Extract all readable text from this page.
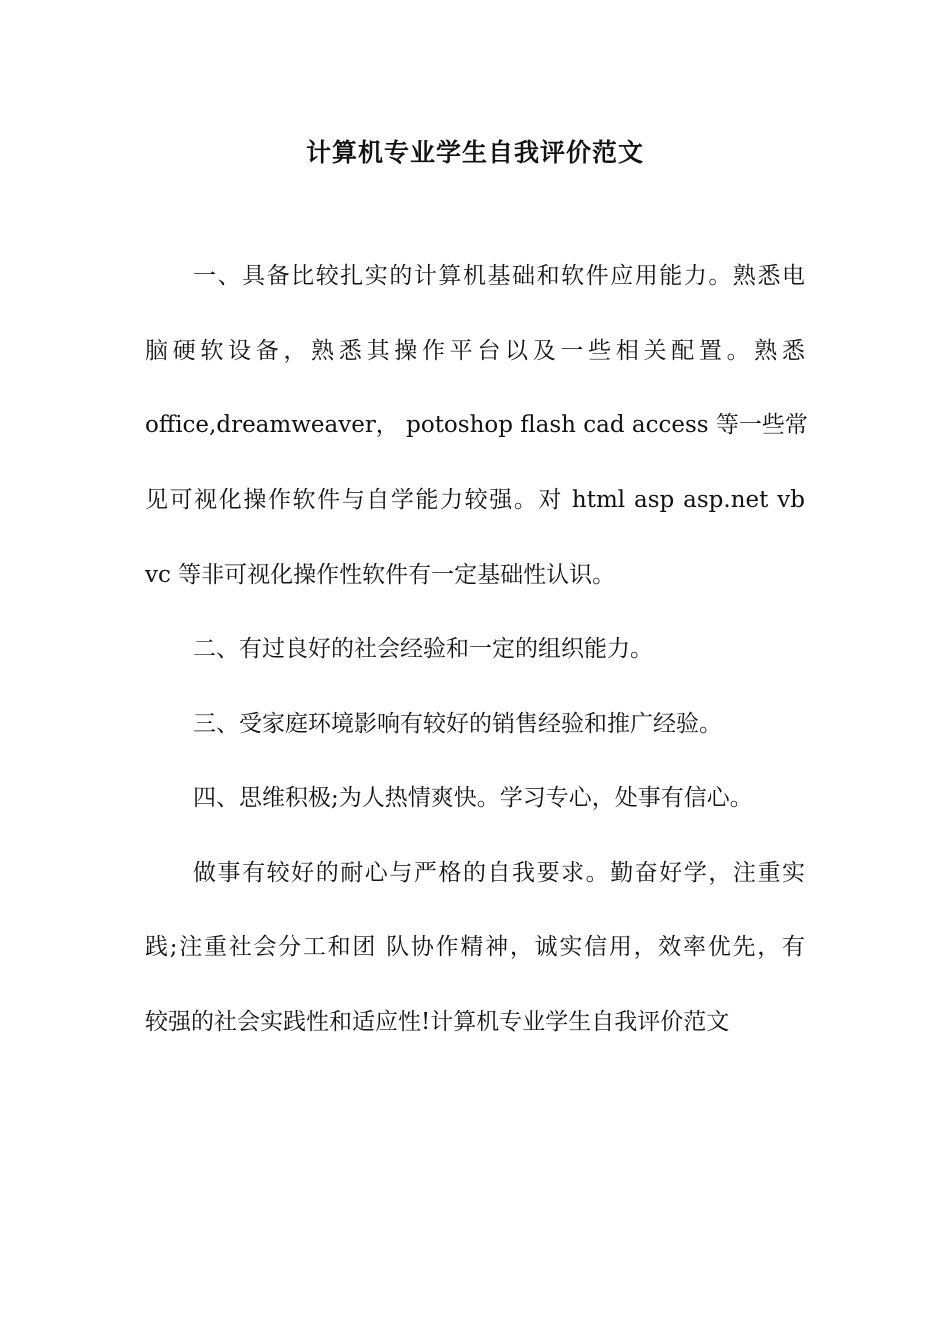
计算机专业学生自我评价范文
一、具备比较扎实的计算机基础和软件应用能力。熟悉电
脑硬软设备，熟悉其操作平台以及一些相关配置。熟悉
office,dreamweaver， potoshop flash cad access 等一些常
见可视化操作软件与自学能力较强。对 html asp asp.net vb
vc 等非可视化操作性软件有一定基础性认识。
二、有过良好的社会经验和一定的组织能力。
三、受家庭环境影响有较好的销售经验和推广经验。
四、思维积极;为人热情爽快。学习专心，处事有信心。
做事有较好的耐心与严格的自我要求。勤奋好学，注重实
践;注重社会分工和团 队协作精神，诚实信用，效率优先，有
较强的社会实践性和适应性!计算机专业学生自我评价范文
